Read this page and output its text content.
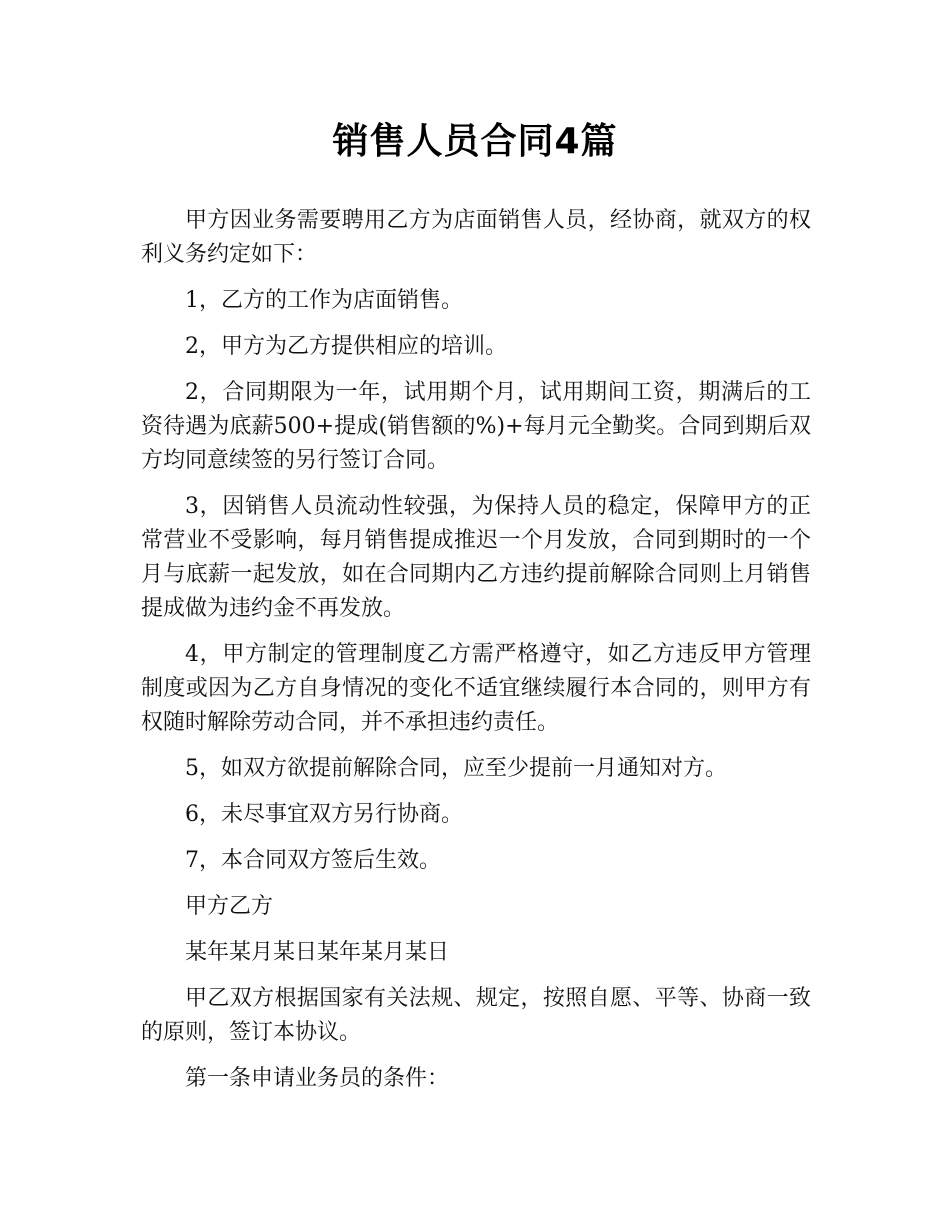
销售人员合同4篇

甲方因业务需要聘用乙方为店面销售人员，经协商，就双方的权利义务约定如下：

1，乙方的工作为店面销售。

2，甲方为乙方提供相应的培训。

2，合同期限为一年，试用期个月，试用期间工资，期满后的工资待遇为底薪500+提成(销售额的%)+每月元全勤奖。合同到期后双方均同意续签的另行签订合同。

3，因销售人员流动性较强，为保持人员的稳定，保障甲方的正常营业不受影响，每月销售提成推迟一个月发放，合同到期时的一个月与底薪一起发放，如在合同期内乙方违约提前解除合同则上月销售提成做为违约金不再发放。

4，甲方制定的管理制度乙方需严格遵守，如乙方违反甲方管理制度或因为乙方自身情况的变化不适宜继续履行本合同的，则甲方有权随时解除劳动合同，并不承担违约责任。

5，如双方欲提前解除合同，应至少提前一月通知对方。

6，未尽事宜双方另行协商。

7，本合同双方签后生效。

甲方乙方

某年某月某日某年某月某日

甲乙双方根据国家有关法规、规定，按照自愿、平等、协商一致的原则，签订本协议。

第一条申请业务员的条件：
